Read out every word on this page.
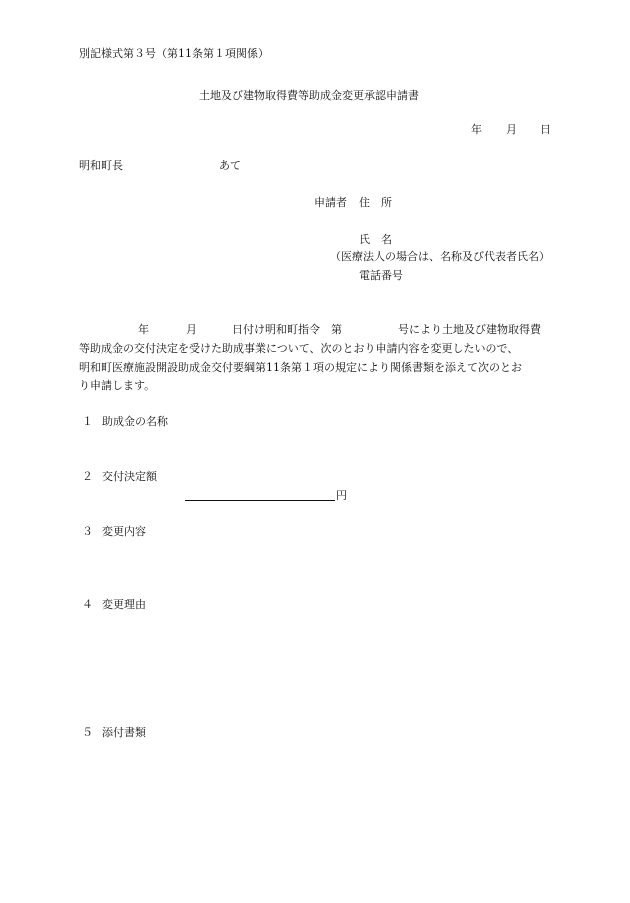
別記様式第３号（第11条第１項関係）
土地及び建物取得費等助成金変更承認申請書
年 月 日
明和町長	あて
申請者 住　所
氏　名
（医療法人の場合は、名称及び代表者氏名）
電話番号
年	月	日付け明和町指令　第	号により土地及び建物取得費
等助成金の交付決定を受けた助成事業について、次のとおり申請内容を変更したいので、
明和町医療施設開設助成金交付要綱第11条第１項の規定により関係書類を添えて次のとお
り申請します。
１ 助成金の名称
２ 交付決定額
円
３ 変更内容
４ 変更理由
５ 添付書類
